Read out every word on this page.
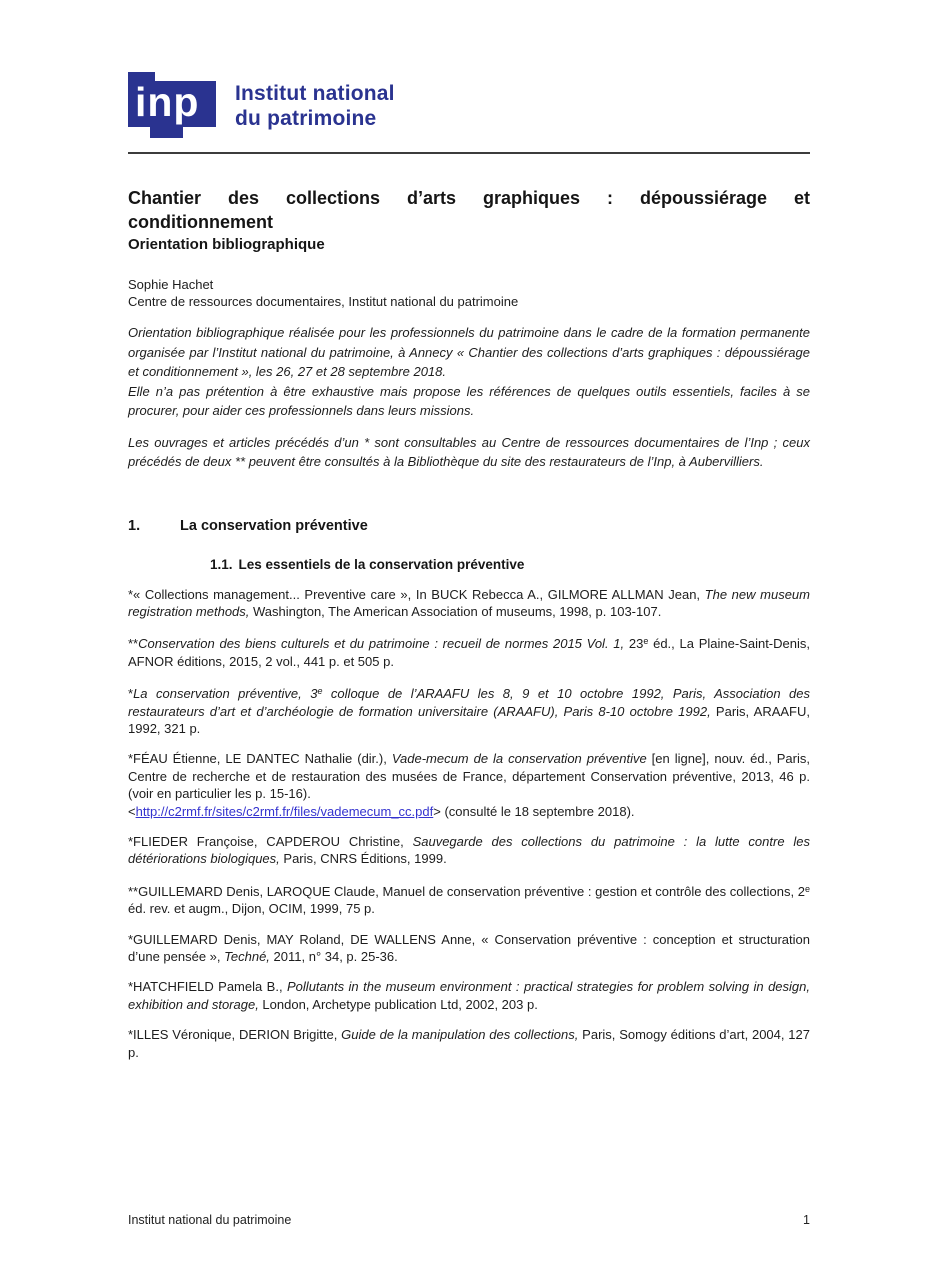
inp Institut national
du patrimoine
Chantier des collections d’arts graphiques : dépoussiérage et
conditionnement
Orientation bibliographique
Sophie Hachet
Centre de ressources documentaires, Institut national du patrimoine

Orientation bibliographique réalisée pour les professionnels du patrimoine dans le cadre de la formation permanente organisée par l’Institut national du patrimoine, à Annecy « Chantier des collections d’arts graphiques : dépoussiérage et conditionnement », les 26, 27 et 28 septembre 2018.

Elle n’a pas prétention à être exhaustive mais propose les références de quelques outils essentiels, faciles à se procurer, pour aider ces professionnels dans leurs missions.

Les ouvrages et articles précédés d’un * sont consultables au Centre de ressources documentaires de l’Inp ; ceux précédés de deux ** peuvent être consultés à la Bibliothèque du site des restaurateurs de l’Inp, à Aubervilliers.

1.	La conservation préventive
1.1. Les essentiels de la conservation préventive

*« Collections management... Preventive care », In BUCK Rebecca A., GILMORE ALLMAN Jean, The new museum registration methods, Washington, The American Association of museums, 1998, p. 103-107.

**Conservation des biens culturels et du patrimoine : recueil de normes 2015 Vol. 1, 23e éd., La Plaine-Saint-Denis, AFNOR éditions, 2015, 2 vol., 441 p. et 505 p.

*La conservation préventive, 3e colloque de l’ARAAFU les 8, 9 et 10 octobre 1992, Paris, Association des restaurateurs d’art et d’archéologie de formation universitaire (ARAAFU), Paris 8-10 octobre 1992, Paris, ARAAFU, 1992, 321 p.

*FÉAU Étienne, LE DANTEC Nathalie (dir.), Vade-mecum de la conservation préventive [en ligne], nouv. éd., Paris, Centre de recherche et de restauration des musées de France, département Conservation préventive, 2013, 46 p. (voir en particulier les p. 15-16).
<http://c2rmf.fr/sites/c2rmf.fr/files/vademecum_cc.pdf> (consulté le 18 septembre 2018).

*FLIEDER Françoise, CAPDEROU Christine, Sauvegarde des collections du patrimoine : la lutte contre les détériorations biologiques, Paris, CNRS Éditions, 1999.

**GUILLEMARD Denis, LAROQUE Claude, Manuel de conservation préventive : gestion et contrôle des collections, 2e éd. rev. et augm., Dijon, OCIM, 1999, 75 p.

*GUILLEMARD Denis, MAY Roland, DE WALLENS Anne, « Conservation préventive : conception et structuration d’une pensée », Techné, 2011, n° 34, p. 25-36.

*HATCHFIELD Pamela B., Pollutants in the museum environment : practical strategies for problem solving in design, exhibition and storage, London, Archetype publication Ltd, 2002, 203 p.

*ILLES Véronique, DERION Brigitte, Guide de la manipulation des collections, Paris, Somogy éditions d’art, 2004, 127 p.

Institut national du patrimoine	1
